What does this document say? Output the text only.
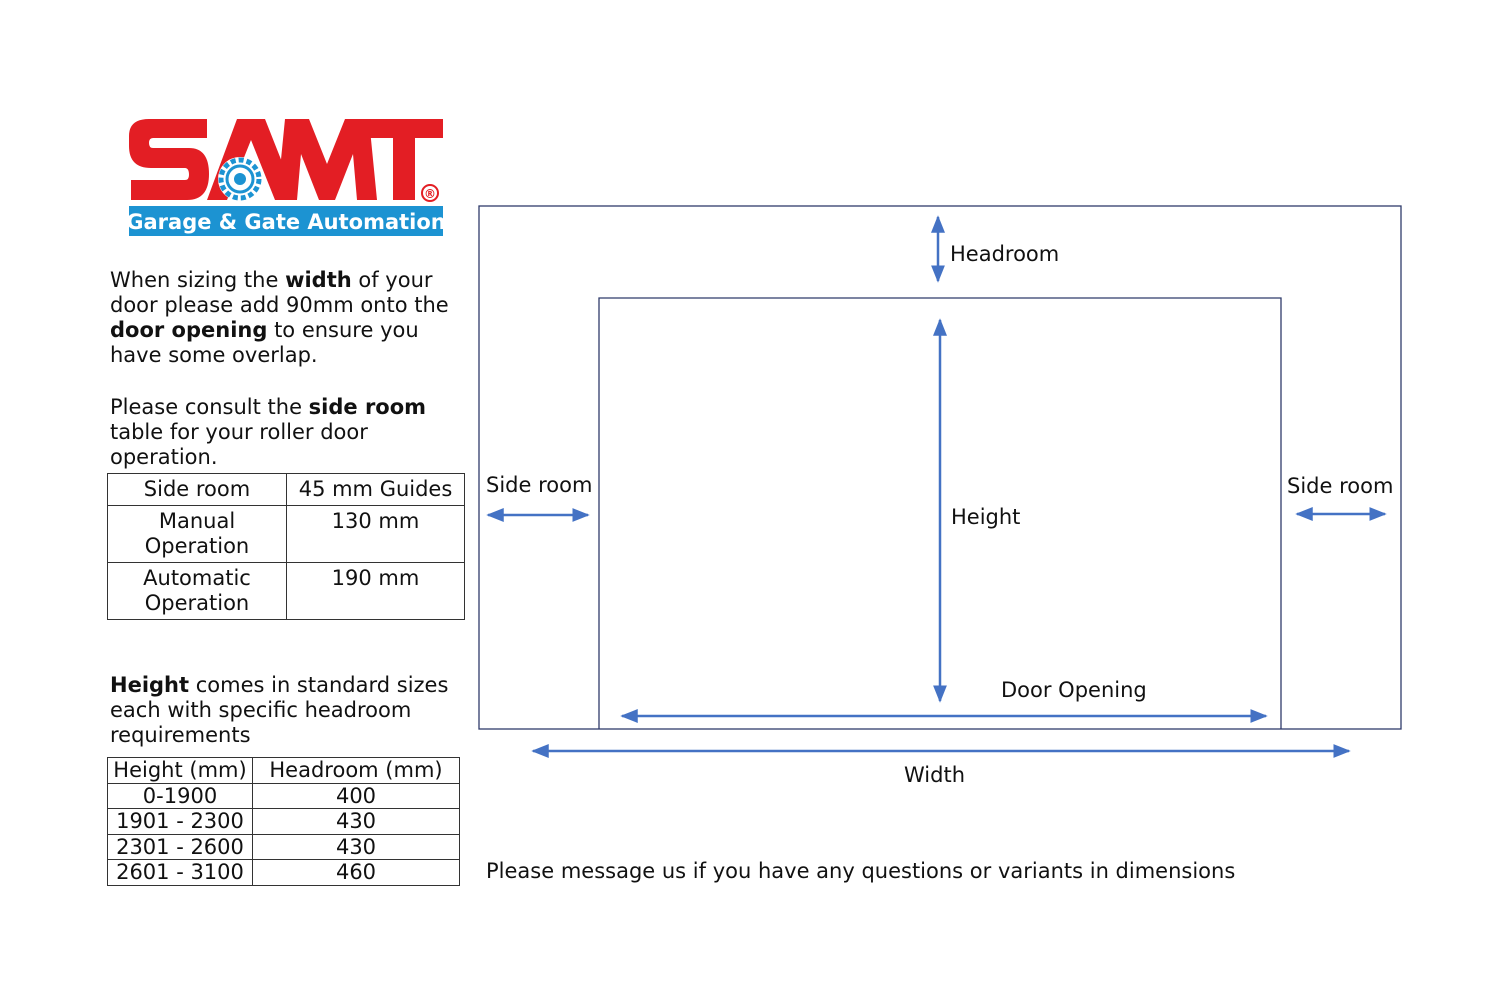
®
Garage & Gate Automation
When sizing the width of your door please add 90mm onto the door opening to ensure you have some overlap.
Please consult the side room table for your roller door operation.
Side room	45 mm Guides
Manual Operation	130 mm
Automatic Operation	190 mm
Height comes in standard sizes each with specific headroom requirements
Height (mm)	Headroom (mm)
0-1900	400
1901 - 2300	430
2301 - 2600	430
2601 - 3100	460
Headroom
Height
Side room	Side room
Door Opening
Width
Please message us if you have any questions or variants in dimensions
